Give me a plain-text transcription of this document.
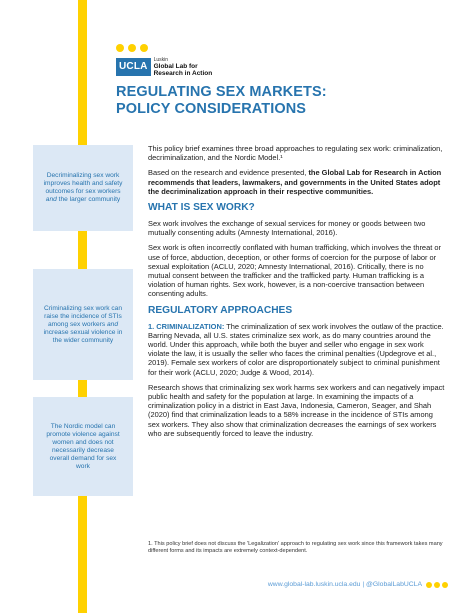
UCLA
Luskin
Global Lab for
Research in Action
REGULATING SEX MARKETS:
POLICY CONSIDERATIONS
Decriminalizing sex work improves health and safety outcomes for sex workers and the larger community
Criminalizing sex work can raise the incidence of STIs among sex workers and increase sexual violence in the wider community
The Nordic model can promote violence against women and does not necessarily decrease overall demand for sex work

This policy brief examines three broad approaches to regulating sex work: criminalization, decriminalization, and the Nordic Model.¹

Based on the research and evidence presented, the Global Lab for Research in Action recommends that leaders, lawmakers, and governments in the United States adopt the decriminalization approach in their respective communities.

WHAT IS SEX WORK?

Sex work involves the exchange of sexual services for money or goods between two mutually consenting adults (Amnesty International, 2016).

Sex work is often incorrectly conflated with human trafficking, which involves the threat or use of force, abduction, deception, or other forms of coercion for the purpose of labor or sexual exploitation (ACLU, 2020; Amnesty International, 2016). Critically, there is no mutual consent between the trafficker and the trafficked party. Human trafficking is a violation of human rights. Sex work, however, is a non-coercive transaction between consenting adults.

REGULATORY APPROACHES

1. CRIMINALIZATION: The criminalization of sex work involves the outlaw of the practice. Barring Nevada, all U.S. states criminalize sex work, as do many countries around the world. Under this approach, while both the buyer and seller who engage in sex work violate the law, it is usually the seller who faces the criminal penalties (Updegrove et al., 2019). Female sex workers of color are disproportionately subject to criminal punishment for their work (ACLU, 2020; Judge & Wood, 2014).

Research shows that criminalizing sex work harms sex workers and can negatively impact public health and safety for the population at large. In examining the impacts of a criminalization policy in a district in East Java, Indonesia, Cameron, Seager, and Shah (2020) find that criminalization leads to a 58% increase in the incidence of STIs among sex workers. They also show that criminalization decreases the earnings of sex workers who are subsequently forced to leave the industry.

1. This policy brief does not discuss the 'Legalization' approach to regulating sex work since this framework takes many different forms and its impacts are extremely context-dependent.
www.global-lab.luskin.ucla.edu | @GlobalLabUCLA
